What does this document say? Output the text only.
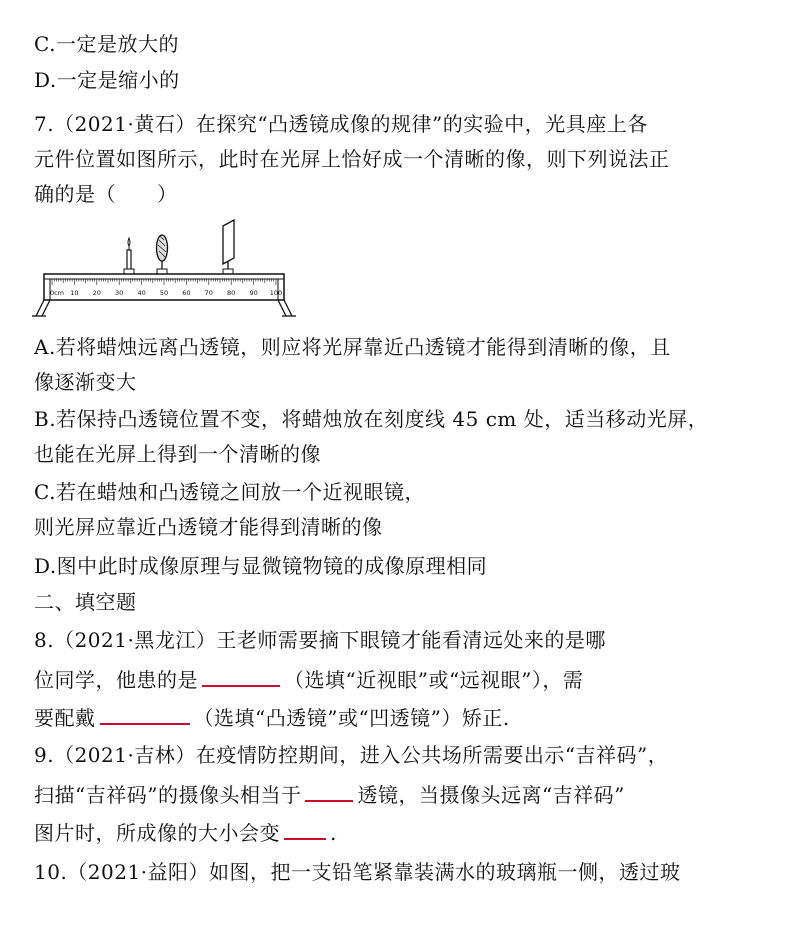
C.一定是放大的
D.一定是缩小的
7.（2021·黄石）在探究“凸透镜成像的规律”的实验中，光具座上各
元件位置如图所示，此时在光屏上恰好成一个清晰的像，则下列说法正
确的是（　　）
0cm 10 20 30 40 50 60 70 80 90 100
A.若将蜡烛远离凸透镜，则应将光屏靠近凸透镜才能得到清晰的像，且
像逐渐变大
B.若保持凸透镜位置不变，将蜡烛放在刻度线 45 cm 处，适当移动光屏，
也能在光屏上得到一个清晰的像
C.若在蜡烛和凸透镜之间放一个近视眼镜，
则光屏应靠近凸透镜才能得到清晰的像
D.图中此时成像原理与显微镜物镜的成像原理相同
二、填空题
8.（2021·黑龙江）王老师需要摘下眼镜才能看清远处来的是哪
位同学，他患的是	（选填“近视眼”或“远视眼”），需
要配戴	（选填“凸透镜”或“凹透镜”）矫正.
9.（2021·吉林）在疫情防控期间，进入公共场所需要出示“吉祥码”，
扫描“吉祥码”的摄像头相当于	透镜，当摄像头远离“吉祥码”
图片时，所成像的大小会变	.
10.（2021·益阳）如图，把一支铅笔紧靠装满水的玻璃瓶一侧，透过玻
